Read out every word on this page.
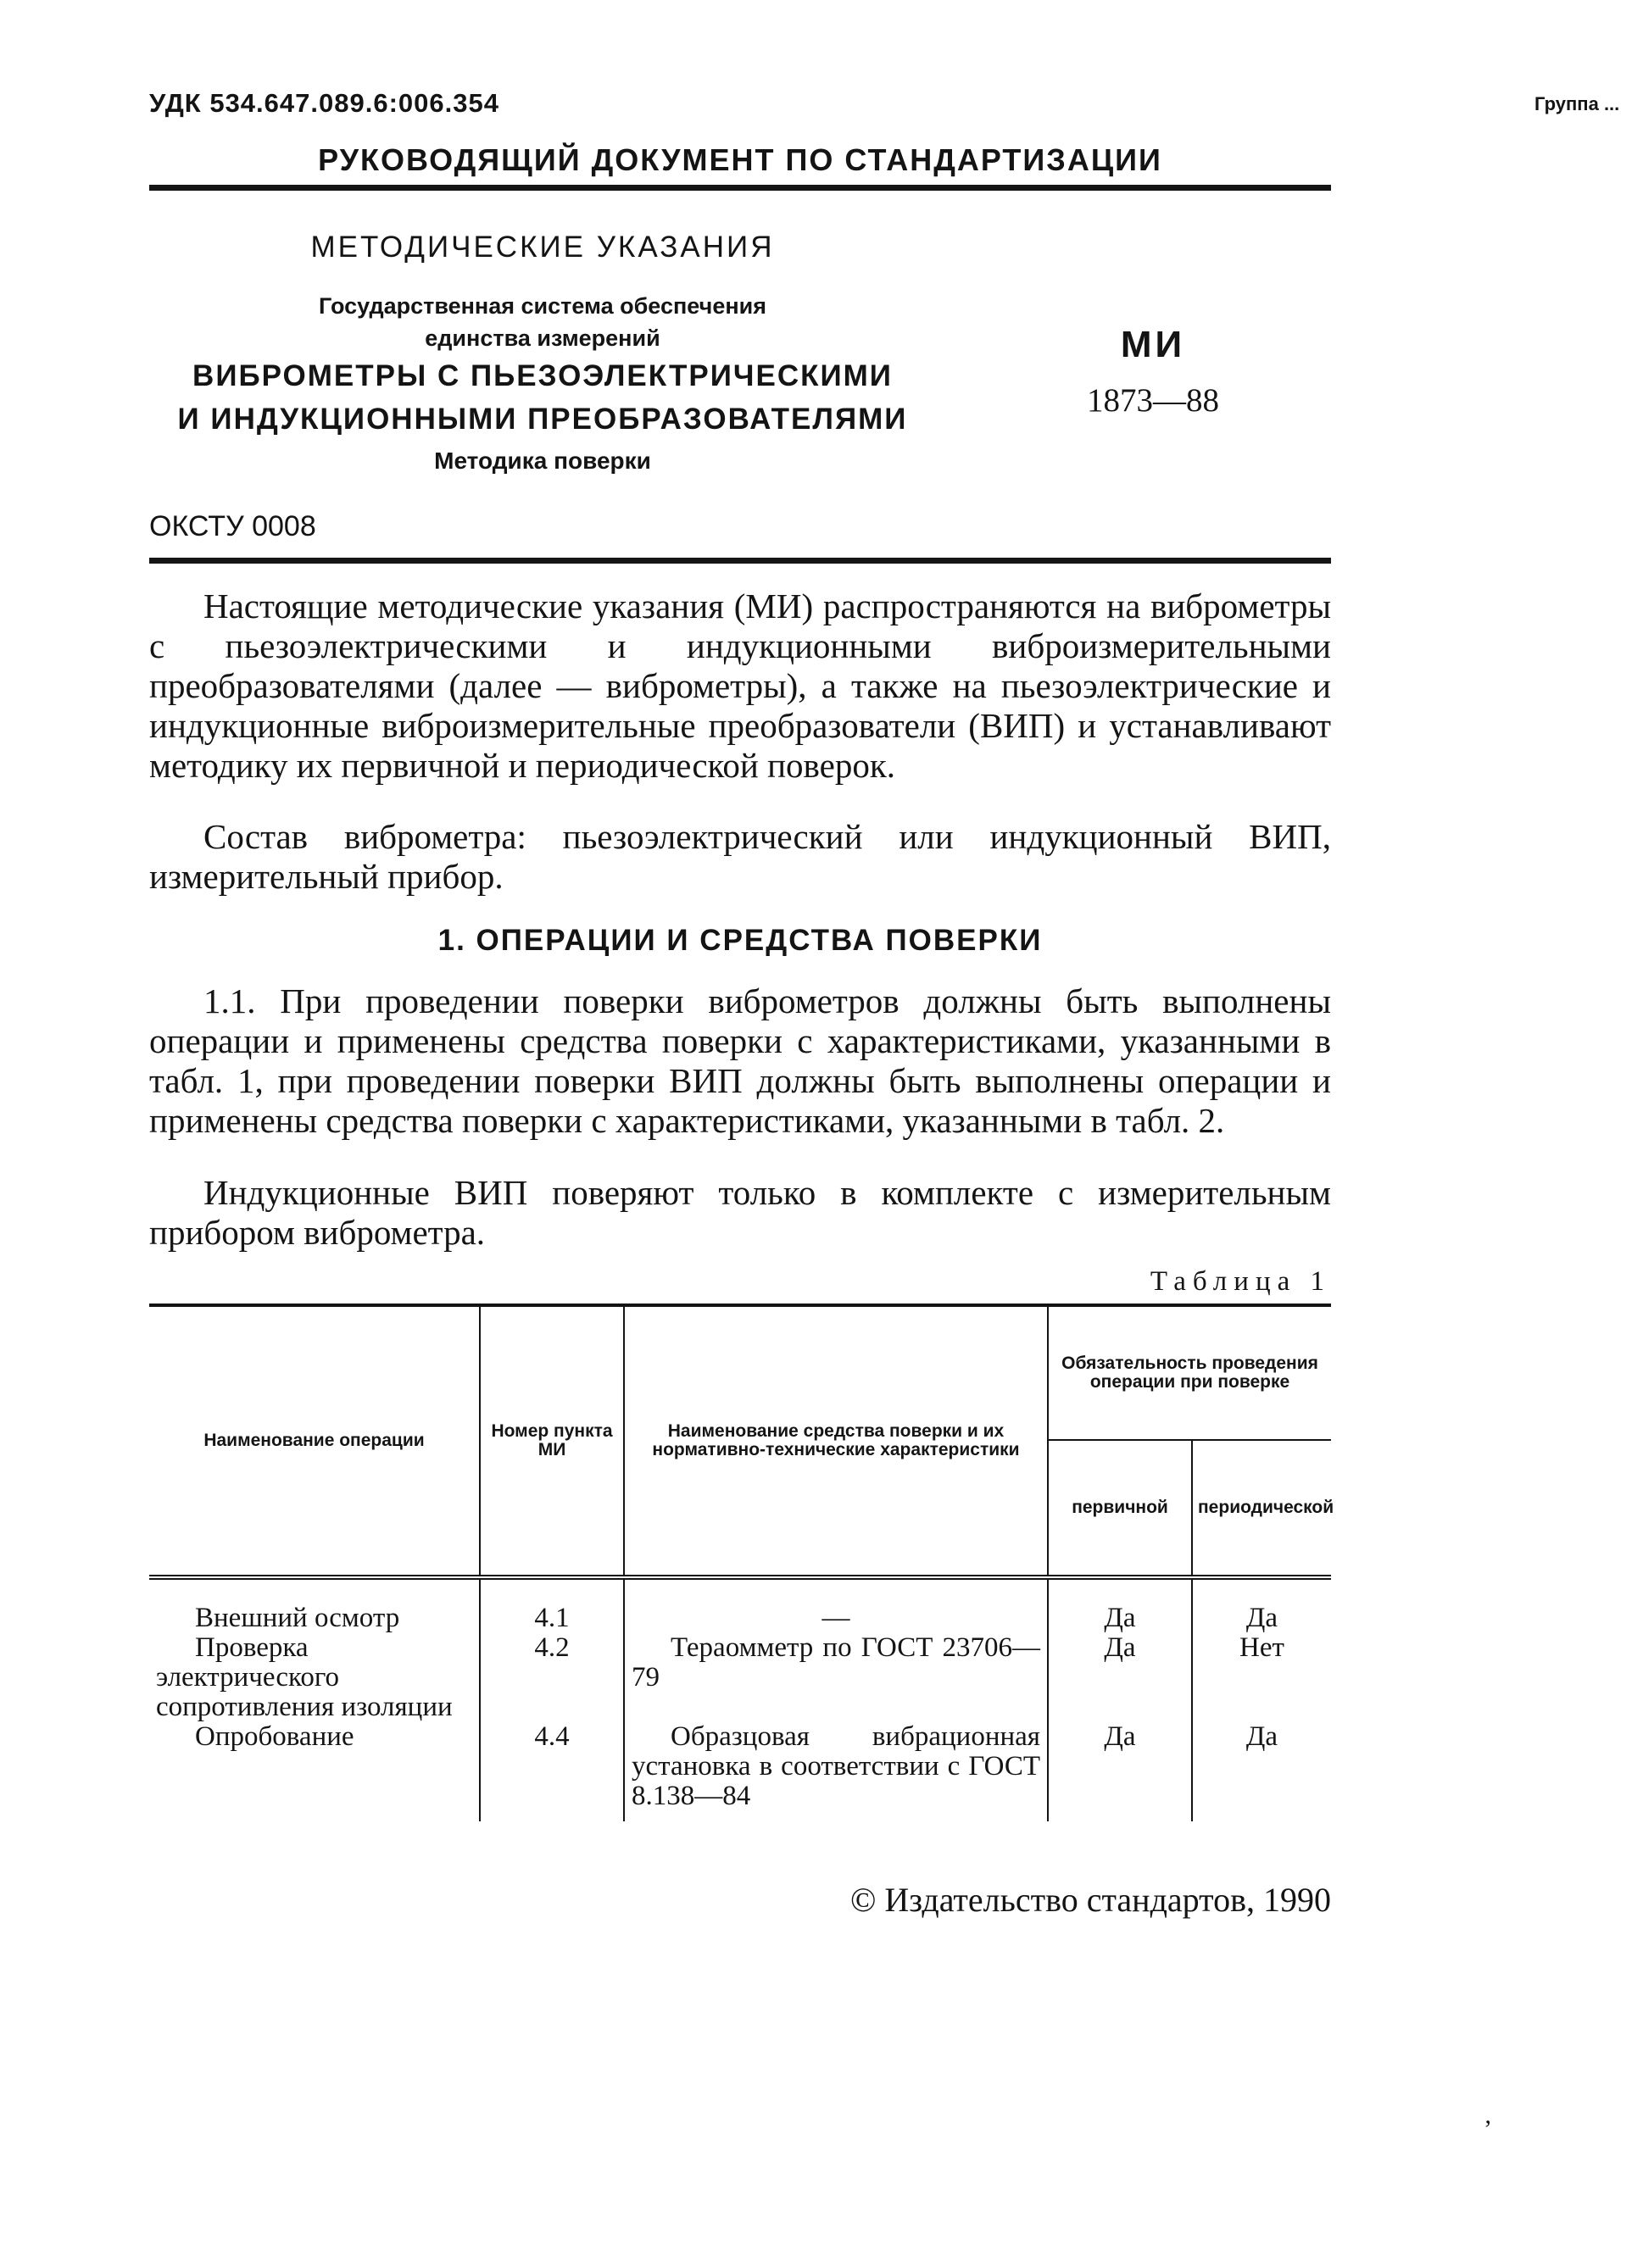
УДК 534.647.089.6:006.354	Группа ...
РУКОВОДЯЩИЙ ДОКУМЕНТ ПО СТАНДАРТИЗАЦИИ
МЕТОДИЧЕСКИЕ УКАЗАНИЯ
Государственная система обеспечения
единства измерений
ВИБРОМЕТРЫ С ПЬЕЗОЭЛЕКТРИЧЕСКИМИ
И ИНДУКЦИОННЫМИ ПРЕОБРАЗОВАТЕЛЯМИ
Методика поверки
МИ
1873—88
ОКСТУ 0008

Настоящие методические указания (МИ) распространяются на виброметры с пьезоэлектрическими и индукционными виброизмерительными преобразователями (далее — виброметры), а также на пьезоэлектрические и индукционные виброизмерительные преобразователи (ВИП) и устанавливают методику их первичной и периодической поверок.

Состав виброметра: пьезоэлектрический или индукционный ВИП, измерительный прибор.

1. ОПЕРАЦИИ И СРЕДСТВА ПОВЕРКИ

1.1. При проведении поверки виброметров должны быть выполнены операции и применены средства поверки с характеристиками, указанными в табл. 1, при проведении поверки ВИП должны быть выполнены операции и применены средства поверки с характеристиками, указанными в табл. 2.

Индукционные ВИП поверяют только в комплекте с измерительным прибором виброметра.

Таблица 1
Наименование операции	Номер пункта МИ	Наименование средства поверки и их нормативно-технические характеристики	Обязательность проведения операции при поверке	
			первичной	периодической
Внешний осмотр	4.1	—	Да	Да
Проверка электрического сопротивления изоляции	4.2	Тераомметр по ГОСТ 23706—79	Да	Нет
Опробование	4.4	Образцовая вибрационная установка в соответствии с ГОСТ 8.138—84	Да	Да
© Издательство стандартов, 1990
ʼ
